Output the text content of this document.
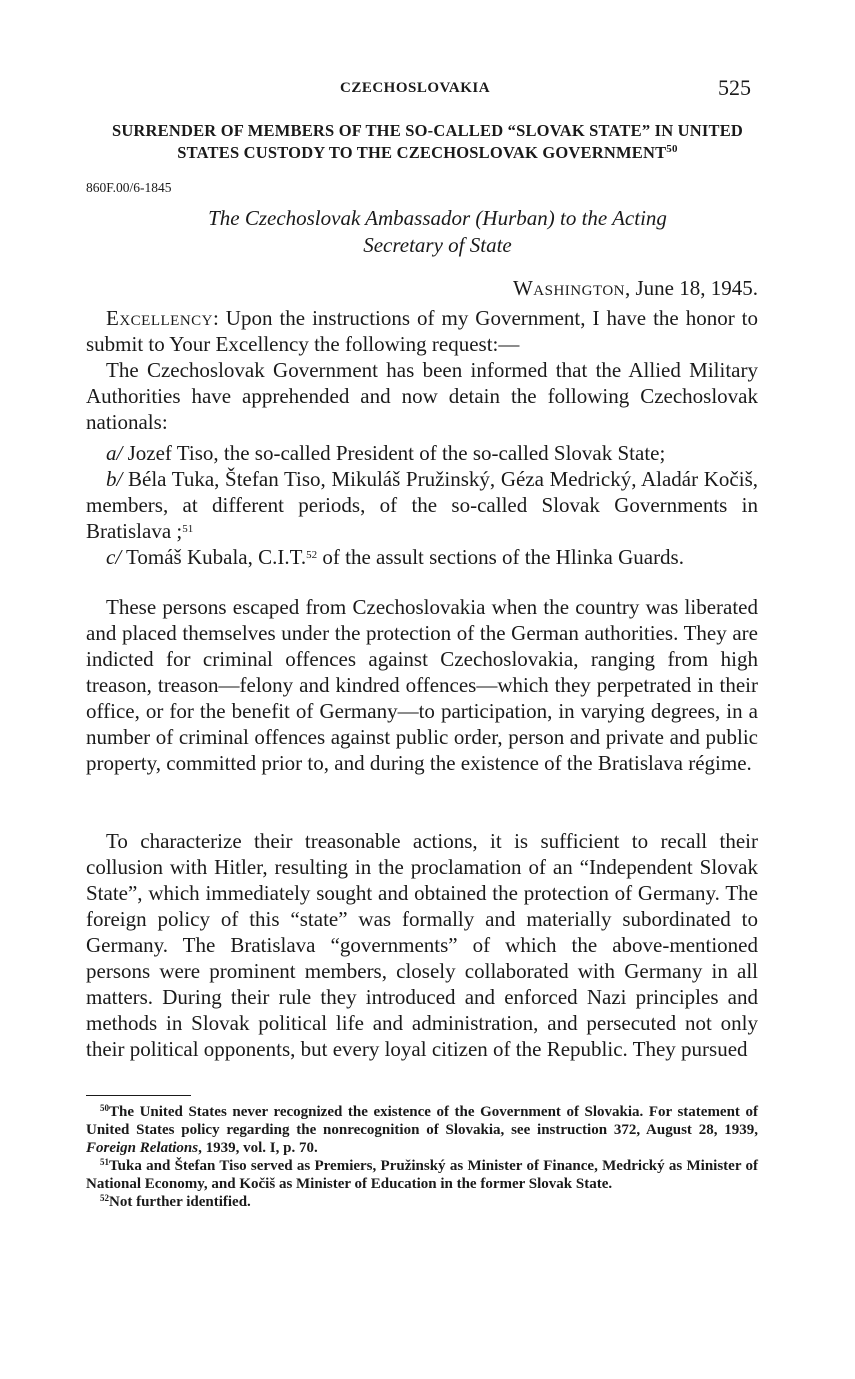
CZECHOSLOVAKIA	525
SURRENDER OF MEMBERS OF THE SO-CALLED “SLOVAK STATE” IN UNITED STATES CUSTODY TO THE CZECHOSLOVAK GOVERNMENT$^{50}$
860F.00/6-1845
The Czechoslovak Ambassador (Hurban) to the Acting
Secretary of State
Washington, June 18, 1945.
Excellency: Upon the instructions of my Government, I have the honor to submit to Your Excellency the following request:—
The Czechoslovak Government has been informed that the Allied Military Authorities have apprehended and now detain the following Czechoslovak nationals:
a/ Jozef Tiso, the so-called President of the so-called Slovak State;
b/ Béla Tuka, Štefan Tiso, Mikuláš Pružinský, Géza Medrický, Aladár Kočiš, members, at different periods, of the so-called Slovak Governments in Bratislava ;$^{51}$
c/ Tomáš Kubala, C.I.T.$^{52}$ of the assult sections of the Hlinka Guards.
These persons escaped from Czechoslovakia when the country was liberated and placed themselves under the protection of the German authorities. They are indicted for criminal offences against Czechoslovakia, ranging from high treason, treason—felony and kindred offences—which they perpetrated in their office, or for the benefit of Germany—to participation, in varying degrees, in a number of criminal offences against public order, person and private and public property, committed prior to, and during the existence of the Bratislava régime.
To characterize their treasonable actions, it is sufficient to recall their collusion with Hitler, resulting in the proclamation of an “Independent Slovak State”, which immediately sought and obtained the protection of Germany. The foreign policy of this “state” was formally and materially subordinated to Germany. The Bratislava “governments” of which the above-mentioned persons were prominent members, closely collaborated with Germany in all matters. During their rule they introduced and enforced Nazi principles and methods in Slovak political life and administration, and persecuted not only their political opponents, but every loyal citizen of the Republic. They pursued

$^{50}$The United States never recognized the existence of the Government of Slovakia. For statement of United States policy regarding the nonrecognition of Slovakia, see instruction 372, August 28, 1939, Foreign Relations, 1939, vol. I, p. 70.

$^{51}$Tuka and Štefan Tiso served as Premiers, Pružinský as Minister of Finance, Medrický as Minister of National Economy, and Kočiš as Minister of Education in the former Slovak State.

$^{52}$Not further identified.
